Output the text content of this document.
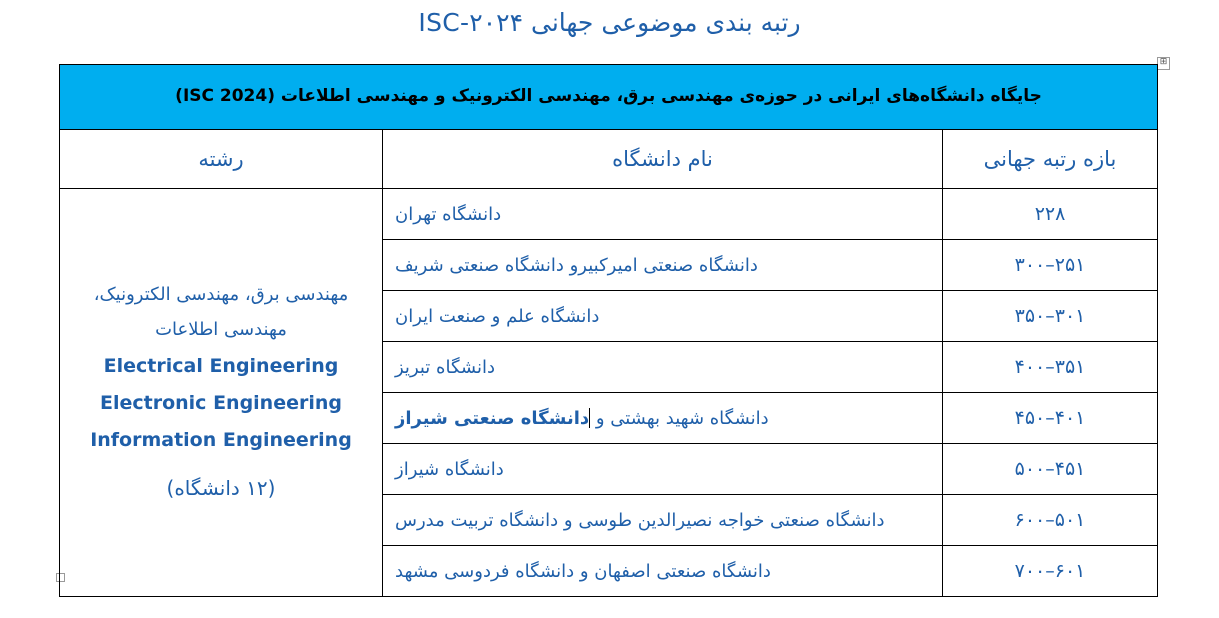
رتبه بندی موضوعی جهانی ISC-۲۰۲۴
⊞
جایگاه دانشگاه‌های ایرانی در حوزه‌ی مهندسی برق، مهندسی الکترونیک و مهندسی اطلاعات (ISC 2024)		
بازه رتبه جهانی	نام دانشگاه	رشته
۲۲۸	دانشگاه تهران	
مهندسی برق، مهندسی الکترونیک،
مهندسی اطلاعات
Electrical Engineering
Electronic Engineering
Information Engineering
(۱۲ دانشگاه)

۲۵۱–۳۰۰	دانشگاه صنعتی امیرکبیرو دانشگاه صنعتی شریف	
۳۰۱–۳۵۰	دانشگاه علم و صنعت ایران	
۳۵۱–۴۰۰	دانشگاه تبریز	
۴۰۱–۴۵۰	دانشگاه شهید بهشتی و دانشگاه صنعتی شیراز	
۴۵۱–۵۰۰	دانشگاه شیراز	
۵۰۱–۶۰۰	دانشگاه صنعتی خواجه نصیرالدین طوسی و دانشگاه تربیت مدرس	
۶۰۱–۷۰۰	دانشگاه صنعتی اصفهان و دانشگاه فردوسی مشهد	
